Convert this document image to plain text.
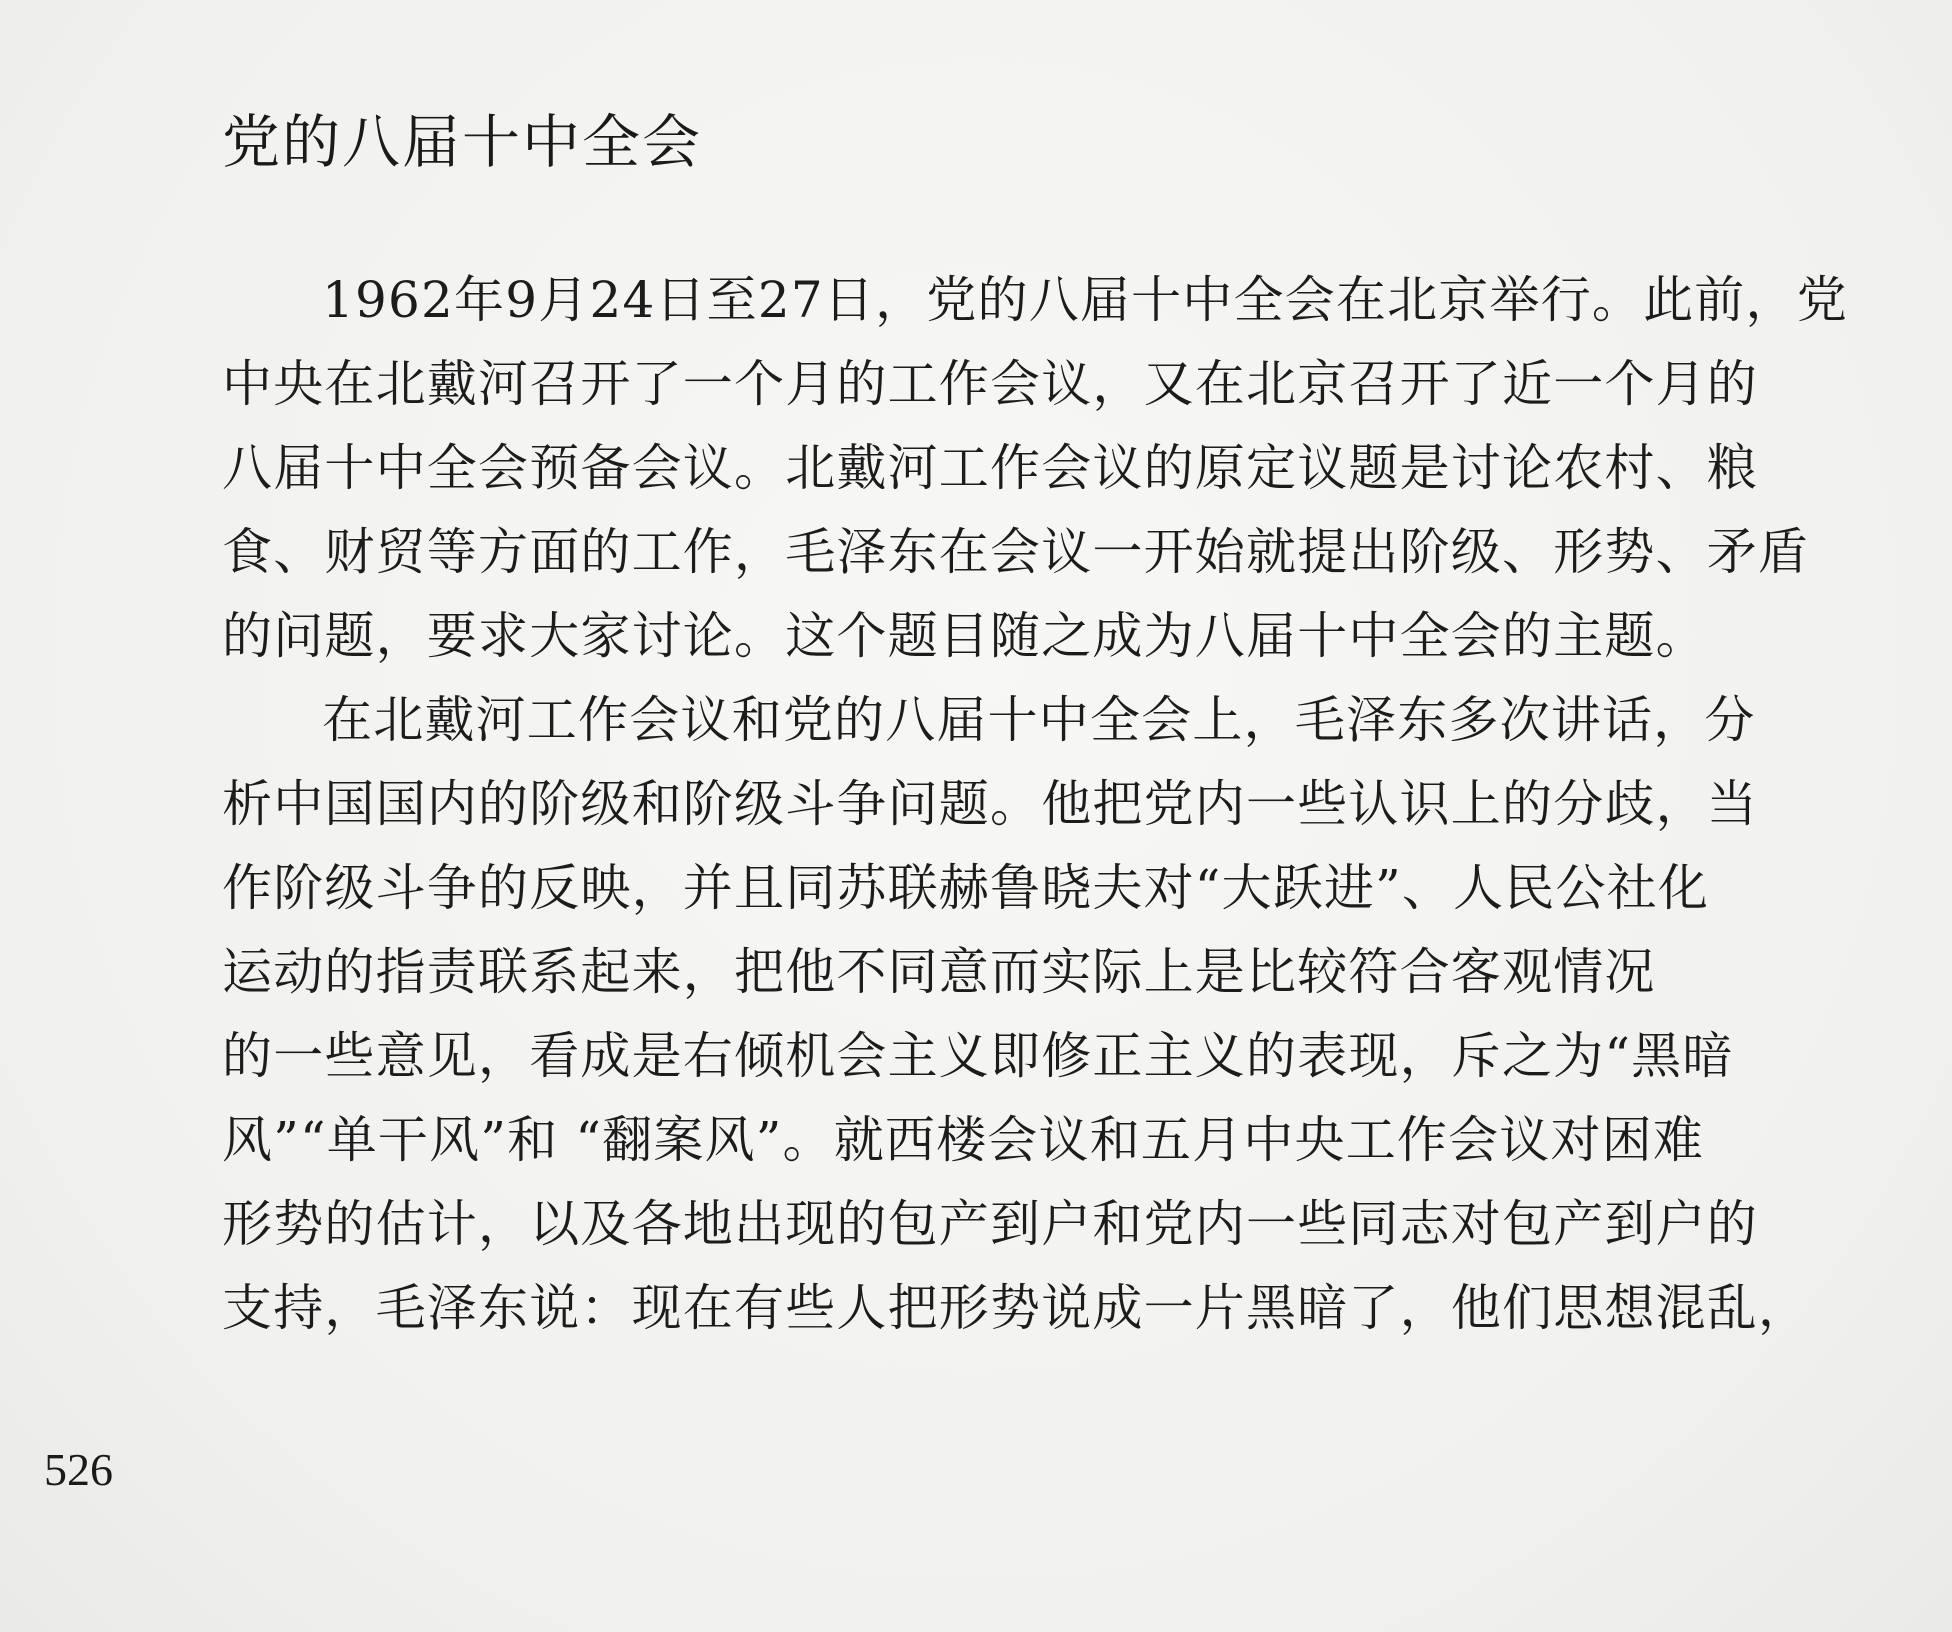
党的八届十中全会
1962年9月24日至27日，党的八届十中全会在北京举行。此前，党
中央在北戴河召开了一个月的工作会议，又在北京召开了近一个月的
八届十中全会预备会议。北戴河工作会议的原定议题是讨论农村、粮
食、财贸等方面的工作，毛泽东在会议一开始就提出阶级、形势、矛盾
的问题，要求大家讨论。这个题目随之成为八届十中全会的主题。
在北戴河工作会议和党的八届十中全会上，毛泽东多次讲话，分
析中国国内的阶级和阶级斗争问题。他把党内一些认识上的分歧，当
作阶级斗争的反映，并且同苏联赫鲁晓夫对“大跃进”、人民公社化
运动的指责联系起来，把他不同意而实际上是比较符合客观情况
的一些意见，看成是右倾机会主义即修正主义的表现，斥之为“黑暗
风”“单干风”和 “翻案风”。就西楼会议和五月中央工作会议对困难
形势的估计，以及各地出现的包产到户和党内一些同志对包产到户的
支持，毛泽东说：现在有些人把形势说成一片黑暗了，他们思想混乱，
526
